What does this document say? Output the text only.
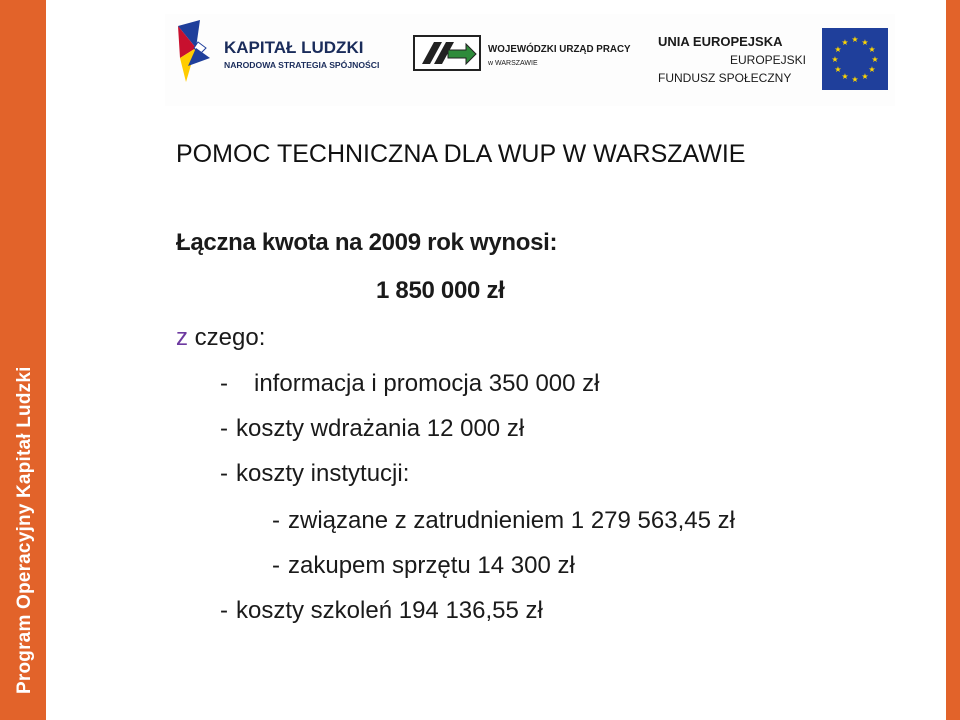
Program Operacyjny Kapitał Ludzki
KAPITAŁ LUDZKI
NARODOWA STRATEGIA SPÓJNOŚCI
WOJEWÓDZKI URZĄD PRACY
w WARSZAWIE
UNIA EUROPEJSKA
EUROPEJSKI
FUNDUSZ SPOŁECZNY
★ ★
★
★
★
★
★
★
★
★
★
★
POMOC TECHNICZNA DLA WUP W WARSZAWIE
Łączna kwota na 2009 rok wynosi:
1 850 000 zł
z czego:
- informacja i promocja 350 000 zł
- koszty wdrażania 12 000 zł
- koszty instytucji:
- związane z zatrudnieniem 1 279 563,45 zł
- zakupem sprzętu 14 300 zł
- koszty szkoleń 194 136,55 zł
